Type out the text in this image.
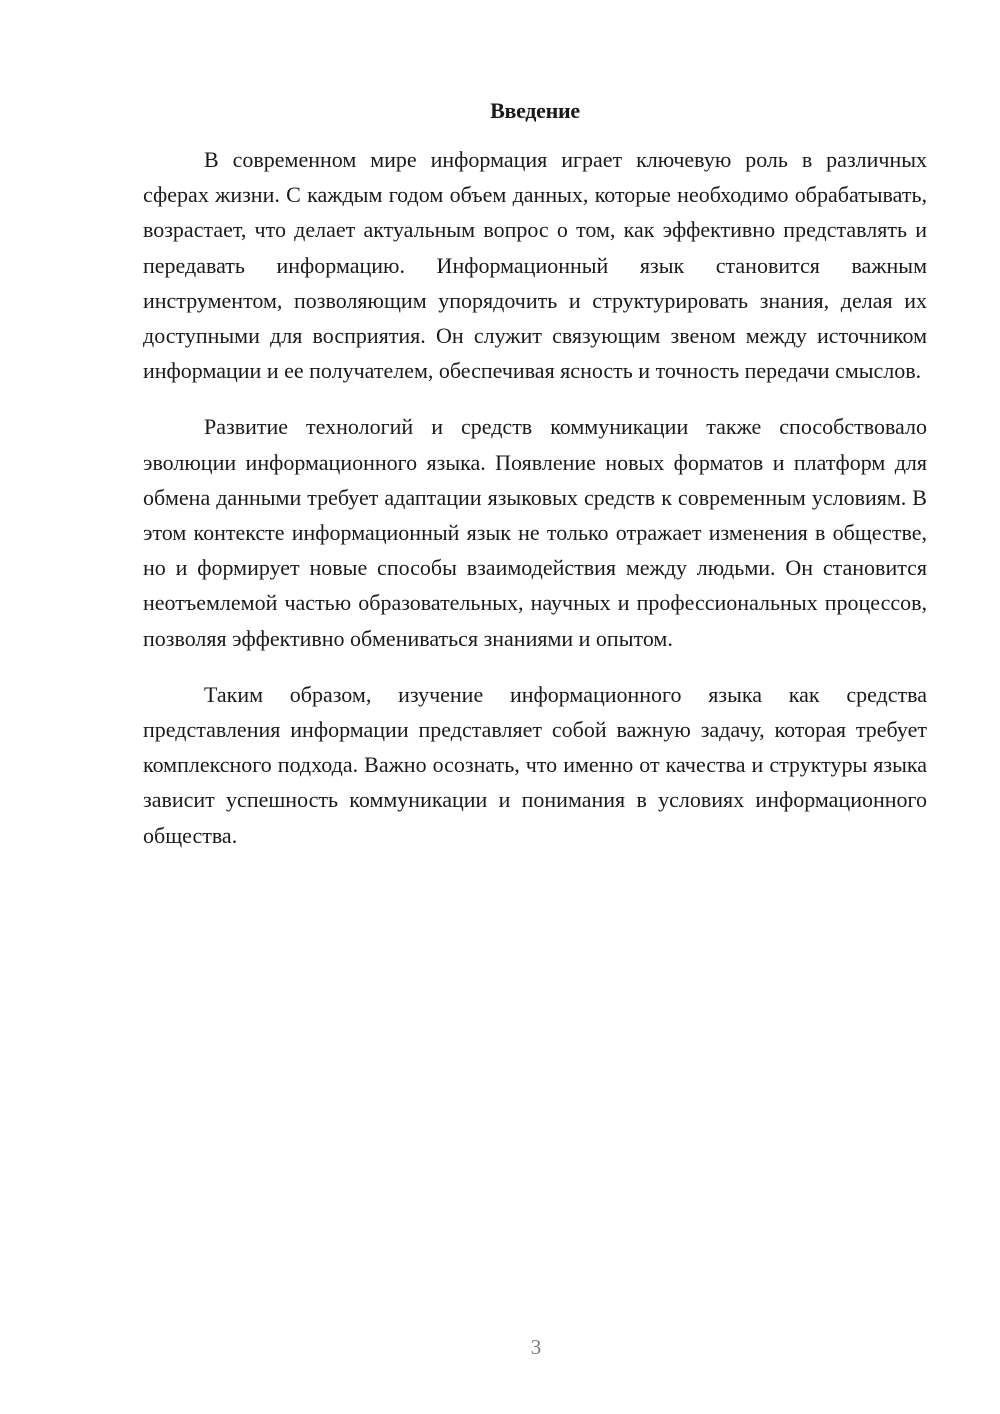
Введение

В современном мире информация играет ключевую роль в различных сферах жизни. С каждым годом объем данных, которые необходимо обрабатывать, возрастает, что делает актуальным вопрос о том, как эффективно представлять и передавать информацию. Информационный язык становится важным инструментом, позволяющим упорядочить и структурировать знания, делая их доступными для восприятия. Он служит связующим звеном между источником информации и ее получателем, обеспечивая ясность и точность передачи смыслов.

Развитие технологий и средств коммуникации также способствовало эволюции информационного языка. Появление новых форматов и платформ для обмена данными требует адаптации языковых средств к современным условиям. В этом контексте информационный язык не только отражает изменения в обществе, но и формирует новые способы взаимодействия между людьми. Он становится неотъемлемой частью образовательных, научных и профессиональных процессов, позволяя эффективно обмениваться знаниями и опытом.

Таким образом, изучение информационного языка как средства представления информации представляет собой важную задачу, которая требует комплексного подхода. Важно осознать, что именно от качества и структуры языка зависит успешность коммуникации и понимания в условиях информационного общества.

3
